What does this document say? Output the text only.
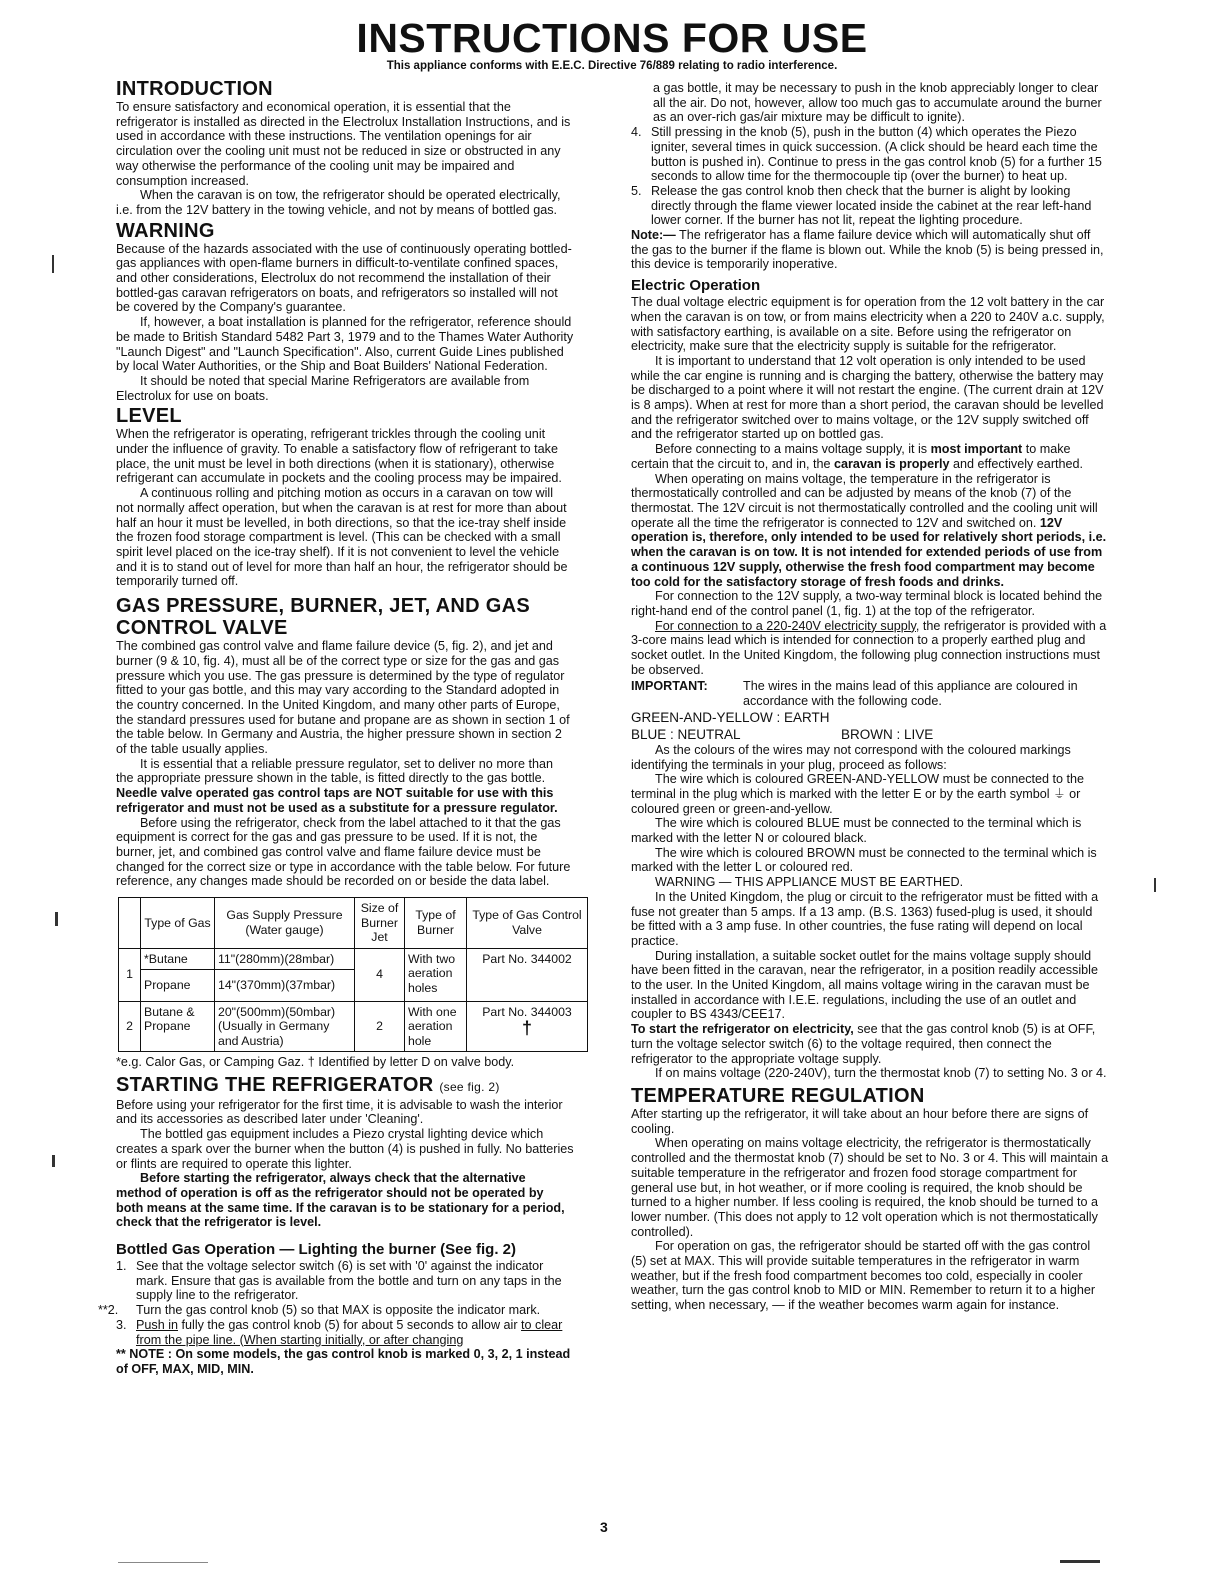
INSTRUCTIONS FOR USE
This appliance conforms with E.E.C. Directive 76/889 relating to radio interference.
INTRODUCTION

To ensure satisfactory and economical operation, it is essential that the refrigerator is installed as directed in the Electrolux Installation Instructions, and is used in accordance with these instructions. The ventilation openings for air circulation over the cooling unit must not be reduced in size or obstructed in any way otherwise the performance of the cooling unit may be impaired and consumption increased.

When the caravan is on tow, the refrigerator should be operated electrically, i.e. from the 12V battery in the towing vehicle, and not by means of bottled gas.

WARNING

Because of the hazards associated with the use of continuously operating bottled-gas appliances with open-flame burners in difficult-to-ventilate confined spaces, and other considerations, Electrolux do not recommend the installation of their bottled-gas caravan refrigerators on boats, and refrigerators so installed will not be covered by the Company's guarantee.

If, however, a boat installation is planned for the refrigerator, reference should be made to British Standard 5482 Part 3, 1979 and to the Thames Water Authority "Launch Digest" and "Launch Specification". Also, current Guide Lines published by local Water Authorities, or the Ship and Boat Builders' National Federation.

It should be noted that special Marine Refrigerators are available from Electrolux for use on boats.

LEVEL

When the refrigerator is operating, refrigerant trickles through the cooling unit under the influence of gravity. To enable a satisfactory flow of refrigerant to take place, the unit must be level in both directions (when it is stationary), otherwise refrigerant can accumulate in pockets and the cooling process may be impaired.

A continuous rolling and pitching motion as occurs in a caravan on tow will not normally affect operation, but when the caravan is at rest for more than about half an hour it must be levelled, in both directions, so that the ice-tray shelf inside the frozen food storage compartment is level. (This can be checked with a small spirit level placed on the ice-tray shelf). If it is not convenient to level the vehicle and it is to stand out of level for more than half an hour, the refrigerator should be temporarily turned off.

GAS PRESSURE, BURNER, JET, AND GAS
CONTROL VALVE

The combined gas control valve and flame failure device (5, fig. 2), and jet and burner (9 & 10, fig. 4), must all be of the correct type or size for the gas and gas pressure which you use. The gas pressure is determined by the type of regulator fitted to your gas bottle, and this may vary according to the Standard adopted in the country concerned. In the United Kingdom, and many other parts of Europe, the standard pressures used for butane and propane are as shown in section 1 of the table below. In Germany and Austria, the higher pressure shown in section 2 of the table usually applies.

It is essential that a reliable pressure regulator, set to deliver no more than the appropriate pressure shown in the table, is fitted directly to the gas bottle. Needle valve operated gas control taps are NOT suitable for use with this refrigerator and must not be used as a substitute for a pressure regulator.

Before using the refrigerator, check from the label attached to it that the gas equipment is correct for the gas and gas pressure to be used. If it is not, the burner, jet, and combined gas control valve and flame failure device must be changed for the correct size or type in accordance with the table below. For future reference, any changes made should be recorded on or beside the data label.

	Type of Gas	Gas Supply Pressure (Water gauge)	Size of Burner Jet	Type of Burner	Type of Gas Control Valve
1	*Butane	11"(280mm)(28mbar)	4	With two aeration holes	Part No. 344002
	Propane	14"(370mm)(37mbar)			
2	Butane & Propane	20"(500mm)(50mbar) (Usually in Germany and Austria)	2	With one aeration hole	Part No. 344003
†

*e.g. Calor Gas, or Camping Gaz. † Identified by letter D on valve body.

STARTING THE REFRIGERATOR (see fig. 2)

Before using your refrigerator for the first time, it is advisable to wash the interior and its accessories as described later under 'Cleaning'.

The bottled gas equipment includes a Piezo crystal lighting device which creates a spark over the burner when the button (4) is pushed in fully. No batteries or flints are required to operate this lighter.

Before starting the refrigerator, always check that the alternative method of operation is off as the refrigerator should not be operated by both means at the same time. If the caravan is to be stationary for a period, check that the refrigerator is level.

Bottled Gas Operation — Lighting the burner (See fig. 2)
1. See that the voltage selector switch (6) is set with '0' against the indicator mark. Ensure that gas is available from the bottle and turn on any taps in the supply line to the refrigerator.
**2.	Turn the gas control knob (5) so that MAX is opposite the indicator mark.
3. Push in fully the gas control knob (5) for about 5 seconds to allow air to clear from the pipe line. (When starting initially, or after changing

** NOTE : On some models, the gas control knob is marked 0, 3, 2, 1 instead of OFF, MAX, MID, MIN.

a gas bottle, it may be necessary to push in the knob appreciably longer to clear all the air. Do not, however, allow too much gas to accumulate around the burner as an over-rich gas/air mixture may be difficult to ignite).

4. Still pressing in the knob (5), push in the button (4) which operates the Piezo igniter, several times in quick succession. (A click should be heard each time the button is pushed in). Continue to press in the gas control knob (5) for a further 15 seconds to allow time for the thermocouple tip (over the burner) to heat up.
5. Release the gas control knob then check that the burner is alight by looking directly through the flame viewer located inside the cabinet at the rear left-hand lower corner. If the burner has not lit, repeat the lighting procedure.

Note:— The refrigerator has a flame failure device which will automatically shut off the gas to the burner if the flame is blown out. While the knob (5) is being pressed in, this device is temporarily inoperative.

Electric Operation

The dual voltage electric equipment is for operation from the 12 volt battery in the car when the caravan is on tow, or from mains electricity when a 220 to 240V a.c. supply, with satisfactory earthing, is available on a site. Before using the refrigerator on electricity, make sure that the electricity supply is suitable for the refrigerator.

It is important to understand that 12 volt operation is only intended to be used while the car engine is running and is charging the battery, otherwise the battery may be discharged to a point where it will not restart the engine. (The current drain at 12V is 8 amps). When at rest for more than a short period, the caravan should be levelled and the refrigerator switched over to mains voltage, or the 12V supply switched off and the refrigerator started up on bottled gas.

Before connecting to a mains voltage supply, it is most important to make certain that the circuit to, and in, the caravan is properly and effectively earthed.

When operating on mains voltage, the temperature in the refrigerator is thermostatically controlled and can be adjusted by means of the knob (7) of the thermostat. The 12V circuit is not thermostatically controlled and the cooling unit will operate all the time the refrigerator is connected to 12V and switched on. 12V operation is, therefore, only intended to be used for relatively short periods, i.e. when the caravan is on tow. It is not intended for extended periods of use from a continuous 12V supply, otherwise the fresh food compartment may become too cold for the satisfactory storage of fresh foods and drinks.

For connection to the 12V supply, a two-way terminal block is located behind the right-hand end of the control panel (1, fig. 1) at the top of the refrigerator.

For connection to a 220-240V electricity supply, the refrigerator is provided with a 3-core mains lead which is intended for connection to a properly earthed plug and socket outlet. In the United Kingdom, the following plug connection instructions must be observed.

IMPORTANT:	The wires in the mains lead of this appliance are coloured in accordance with the following code.
GREEN-AND-YELLOW : EARTH
BLUE : NEUTRAL	BROWN : LIVE

As the colours of the wires may not correspond with the coloured markings identifying the terminals in your plug, proceed as follows:

The wire which is coloured GREEN-AND-YELLOW must be connected to the terminal in the plug which is marked with the letter E or by the earth symbol ⏚ or coloured green or green-and-yellow.

The wire which is coloured BLUE must be connected to the terminal which is marked with the letter N or coloured black.

The wire which is coloured BROWN must be connected to the terminal which is marked with the letter L or coloured red.

WARNING — THIS APPLIANCE MUST BE EARTHED.

In the United Kingdom, the plug or circuit to the refrigerator must be fitted with a fuse not greater than 5 amps. If a 13 amp. (B.S. 1363) fused-plug is used, it should be fitted with a 3 amp fuse. In other countries, the fuse rating will depend on local practice.

During installation, a suitable socket outlet for the mains voltage supply should have been fitted in the caravan, near the refrigerator, in a position readily accessible to the user. In the United Kingdom, all mains voltage wiring in the caravan must be installed in accordance with I.E.E. regulations, including the use of an outlet and coupler to BS 4343/CEE17.

To start the refrigerator on electricity, see that the gas control knob (5) is at OFF, turn the voltage selector switch (6) to the voltage required, then connect the refrigerator to the appropriate voltage supply.

If on mains voltage (220-240V), turn the thermostat knob (7) to setting No. 3 or 4.

TEMPERATURE REGULATION

After starting up the refrigerator, it will take about an hour before there are signs of cooling.

When operating on mains voltage electricity, the refrigerator is thermostatically controlled and the thermostat knob (7) should be set to No. 3 or 4. This will maintain a suitable temperature in the refrigerator and frozen food storage compartment for general use but, in hot weather, or if more cooling is required, the knob should be turned to a higher number. If less cooling is required, the knob should be turned to a lower number. (This does not apply to 12 volt operation which is not thermostatically controlled).

For operation on gas, the refrigerator should be started off with the gas control (5) set at MAX. This will provide suitable temperatures in the refrigerator in warm weather, but if the fresh food compartment becomes too cold, especially in cooler weather, turn the gas control knob to MID or MIN. Remember to return it to a higher setting, when necessary, — if the weather becomes warm again for instance.

3
